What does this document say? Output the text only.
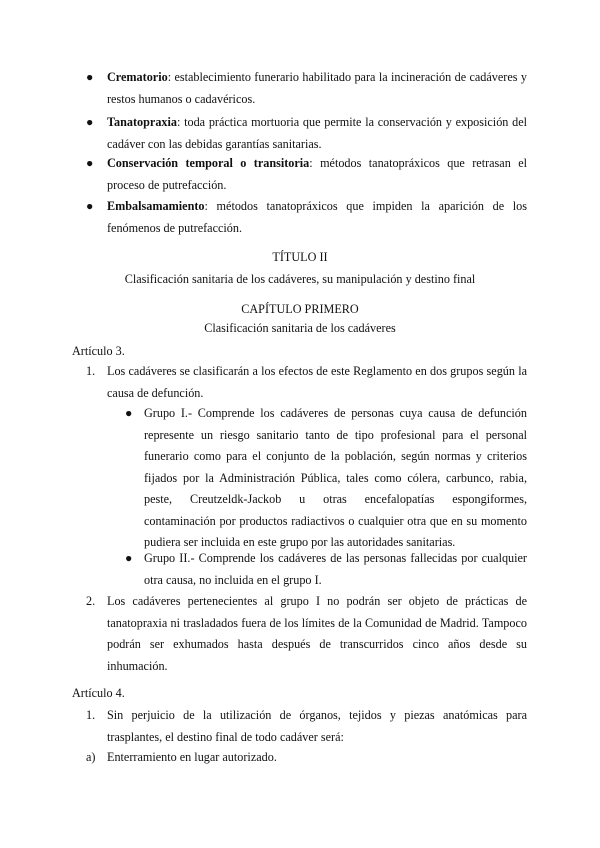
● Crematorio: establecimiento funerario habilitado para la incineración de cadáveres y restos humanos o cadavéricos.
● Tanatopraxia: toda práctica mortuoria que permite la conservación y exposición del cadáver con las debidas garantías sanitarias.
● Conservación temporal o transitoria: métodos tanatopráxicos que retrasan el proceso de putrefacción.
● Embalsamamiento: métodos tanatopráxicos que impiden la aparición de los fenómenos de putrefacción.
TÍTULO II
Clasificación sanitaria de los cadáveres, su manipulación y destino final
CAPÍTULO PRIMERO
Clasificación sanitaria de los cadáveres
Artículo 3.
1. Los cadáveres se clasificarán a los efectos de este Reglamento en dos grupos según la causa de defunción.
● Grupo I.- Comprende los cadáveres de personas cuya causa de defunción represente un riesgo sanitario tanto de tipo profesional para el personal funerario como para el conjunto de la población, según normas y criterios fijados por la Administración Pública, tales como cólera, carbunco, rabia, peste, Creutzeldk-Jackob u otras encefalopatías espongiformes, contaminación por productos radiactivos o cualquier otra que en su momento pudiera ser incluida en este grupo por las autoridades sanitarias.
● Grupo II.- Comprende los cadáveres de las personas fallecidas por cualquier otra causa, no incluida en el grupo I.
2. Los cadáveres pertenecientes al grupo I no podrán ser objeto de prácticas de tanatopraxia ni trasladados fuera de los límites de la Comunidad de Madrid. Tampoco podrán ser exhumados hasta después de transcurridos cinco años desde su inhumación.
Artículo 4.
1. Sin perjuicio de la utilización de órganos, tejidos y piezas anatómicas para trasplantes, el destino final de todo cadáver será:
a) Enterramiento en lugar autorizado.
